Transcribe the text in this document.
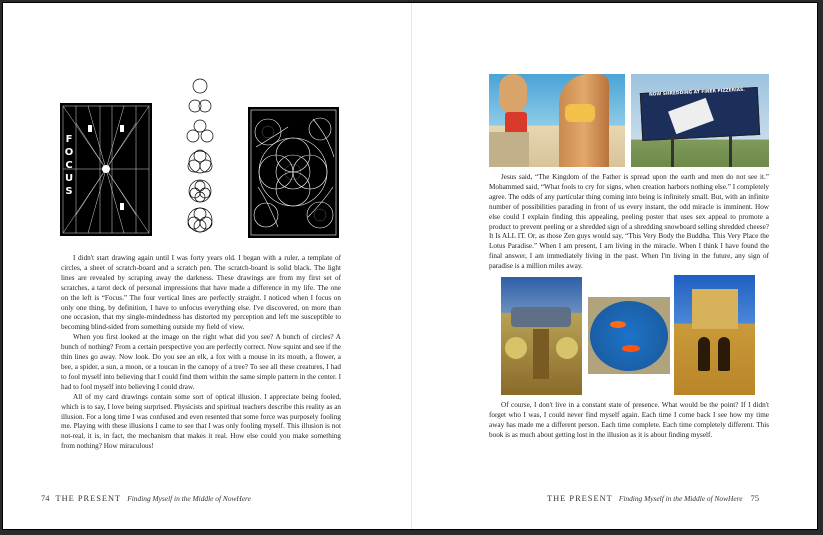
FOCUS

I didn't start drawing again until I was forty years old. I began with a ruler, a template of circles, a sheet of scratch-board and a scratch pen. The scratch-board is solid black. The light lines are revealed by scraping away the darkness. These drawings are from my first set of scratches, a tarot deck of personal impressions that have made a difference in my life. The one on the left is “Focus.” The four vertical lines are perfectly straight. I noticed when I focus on only one thing, by definition, I have to unfocus everything else. I've discovered, on more than one occasion, that my single-mindedness has distorted my perception and left me susceptible to becoming blind-sided from something outside my field of view.

When you first looked at the image on the right what did you see? A bunch of circles? A bunch of nothing? From a certain perspective you are perfectly correct. Now squint and see if the thin lines go away. Now look. Do you see an elk, a fox with a mouse in its mouth, a flower, a bee, a spider, a sun, a moon, or a toucan in the canopy of a tree? To see all these creatures, I had to fool myself into believing that I could find them within the same simple pattern in the center. I had to fool myself into believing I could draw.

All of my card drawings contain some sort of optical illusion. I appreciate being fooled, which is to say, I love being surprised. Physicists and spiritual teachers describe this reality as an illusion. For a long time I was confused and even resented that some force was purposely fooling me. Playing with these illusions I came to see that I was only fooling myself. This illusion is not not-real, it is, in fact, the mechanism that makes it real. How else could you make something from nothing? How miraculous!

74 THE PRESENT Finding Myself in the Middle of NowHere
NOW SHREDDING AT FINER PIZZERIAS.

Jesus said, “The Kingdom of the Father is spread upon the earth and men do not see it.” Mohammed said, “What fools to cry for signs, when creation harbors nothing else.” I completely agree. The odds of any particular thing coming into being is infinitely small. But, with an infinite number of possibilities parading in front of us every instant, the odd miracle is imminent. How else could I explain finding this appealing, peeling poster that uses sex appeal to promote a product to prevent peeling or a shredded sign of a shredding snowboard selling shredded cheese? It Is ALL IT. Or, as those Zen guys would say, “This Very Body the Buddha. This Very Place the Lotus Paradise.” When I am present, I am living in the miracle. When I think I have found the final answer, I am immediately living in the past. When I'm living in the future, any sign of paradise is a million miles away.

Of course, I don't live in a constant state of presence. What would be the point? If I didn't forget who I was, I could never find myself again. Each time I come back I see how my time away has made me a different person. Each time complete. Each time completely different. This book is as much about getting lost in the illusion as it is about finding myself.

THE PRESENT Finding Myself in the Middle of NowHere 75
